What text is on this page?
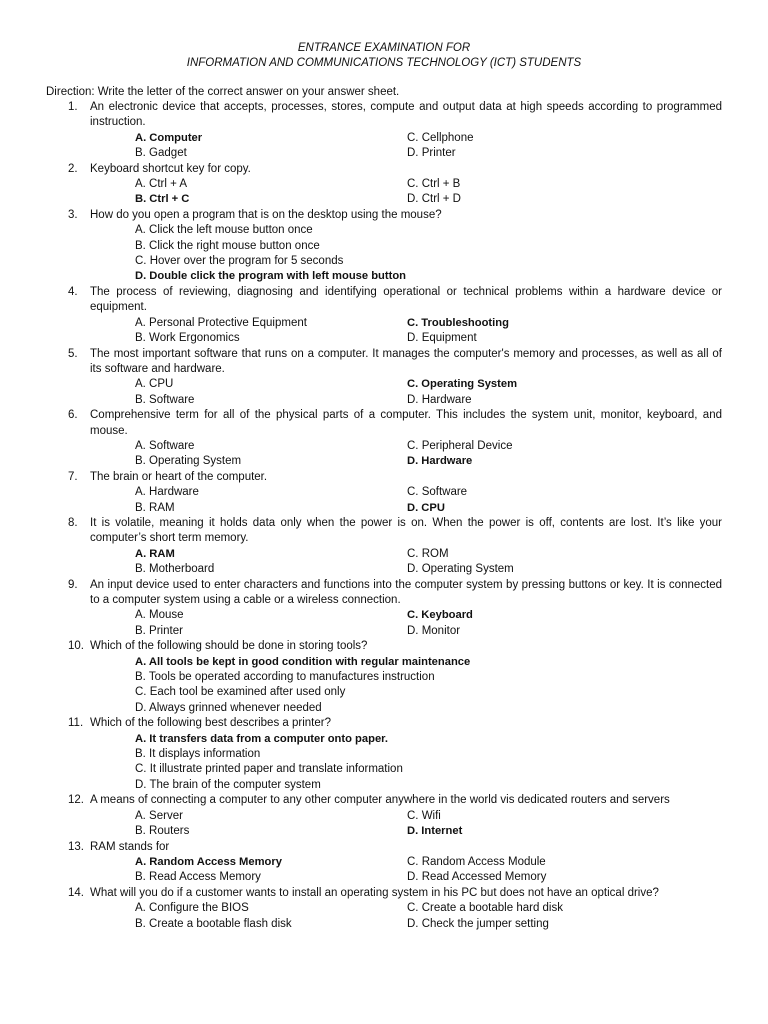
ENTRANCE EXAMINATION FOR
INFORMATION AND COMMUNICATIONS TECHNOLOGY (ICT) STUDENTS
Direction: Write the letter of the correct answer on your answer sheet.
1.	An electronic device that accepts, processes, stores, compute and output data at high speeds according to programmed instruction.
A. Computer	C. Cellphone
B. Gadget	D. Printer
2.	Keyboard shortcut key for copy.
A. Ctrl + A	C. Ctrl + B
B. Ctrl + C	D. Ctrl + D
3.	How do you open a program that is on the desktop using the mouse?
A. Click the left mouse button once
B. Click the right mouse button once
C. Hover over the program for 5 seconds
D. Double click the program with left mouse button
4.	The process of reviewing, diagnosing and identifying operational or technical problems within a hardware device or equipment.
A. Personal Protective Equipment	C. Troubleshooting
B. Work Ergonomics	D. Equipment
5.	The most important software that runs on a computer. It manages the computer's memory and processes, as well as all of its software and hardware.
A. CPU	C. Operating System
B. Software	D. Hardware
6.	Comprehensive term for all of the physical parts of a computer. This includes the system unit, monitor, keyboard, and mouse.
A. Software	C. Peripheral Device
B. Operating System	D. Hardware
7.	The brain or heart of the computer.
A. Hardware	C. Software
B. RAM	D. CPU
8.	It is volatile, meaning it holds data only when the power is on. When the power is off, contents are lost. It’s like your computer’s short term memory.
A. RAM	C. ROM
B. Motherboard	D. Operating System
9.	An input device used to enter characters and functions into the computer system by pressing buttons or key. It is connected to a computer system using a cable or a wireless connection.
A. Mouse	C. Keyboard
B. Printer	D. Monitor
10. Which of the following should be done in storing tools?
A. All tools be kept in good condition with regular maintenance
B. Tools be operated according to manufactures instruction
C. Each tool be examined after used only
D. Always grinned whenever needed
11. Which of the following best describes a printer?
A. It transfers data from a computer onto paper.
B. It displays information
C. It illustrate printed paper and translate information
D. The brain of the computer system
12. A means of connecting a computer to any other computer anywhere in the world vis dedicated routers and servers
A. Server	C. Wifi
B. Routers	D. Internet
13. RAM stands for
A. Random Access Memory	C. Random Access Module
B. Read Access Memory	D. Read Accessed Memory
14. What will you do if a customer wants to install an operating system in his PC but does not have an optical drive?
A. Configure the BIOS	C. Create a bootable hard disk
B. Create a bootable flash disk	D. Check the jumper setting
